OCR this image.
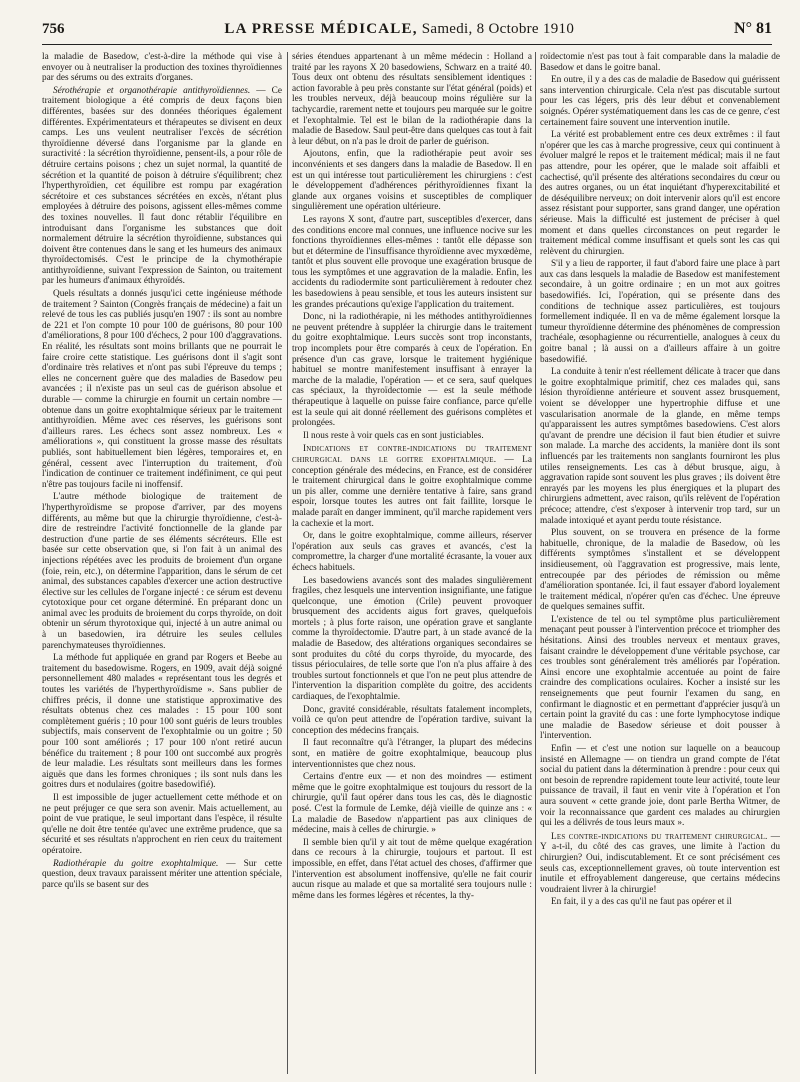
756	LA PRESSE MÉDICALE, Samedi, 8 Octobre 1910	N° 81

la maladie de Basedow, c'est-à-dire la méthode qui vise à envoyer ou à neutraliser la production des toxines thyroïdiennes par des sérums ou des extraits d'organes.

Sérothérapie et organothérapie antithyroïdiennes. — Ce traitement biologique a été compris de deux façons bien différentes, basées sur des données théoriques également différentes. Expérimentateurs et thérapeutes se divisent en deux camps. Les uns veulent neutraliser l'excès de sécrétion thyroïdienne déversé dans l'organisme par la glande en suractivité : la sécrétion thyroïdienne, pensent-ils, a pour rôle de détruire certains poisons ; chez un sujet normal, la quantité de sécrétion et la quantité de poison à détruire s'équilibrent; chez l'hyperthyroïdien, cet équilibre est rompu par exagération sécrétoire et ces substances sécrétées en excès, n'étant plus employées à détruire des poisons, agissent elles-mêmes comme des toxines nouvelles. Il faut donc rétablir l'équilibre en introduisant dans l'organisme les substances que doit normalement détruire la sécrétion thyroïdienne, substances qui doivent être contenues dans le sang et les humeurs des animaux thyroïdectomisés. C'est le principe de la chymothérapie antithyroïdienne, suivant l'expression de Sainton, ou traitement par les humeurs d'animaux éthyroïdés.

Quels résultats a donnés jusqu'ici cette ingénieuse méthode de traitement ? Sainton (Congrès français de médecine) a fait un relevé de tous les cas publiés jusqu'en 1907 : ils sont au nombre de 221 et l'on compte 10 pour 100 de guérisons, 80 pour 100 d'améliorations, 8 pour 100 d'échecs, 2 pour 100 d'aggravations. En réalité, les résultats sont moins brillants que ne pourrait le faire croire cette statistique. Les guérisons dont il s'agit sont d'ordinaire très relatives et n'ont pas subi l'épreuve du temps ; elles ne concernent guère que des maladies de Basedow peu avancées ; il n'existe pas un seul cas de guérison absolue et durable — comme la chirurgie en fournit un certain nombre — obtenue dans un goitre exophtalmique sérieux par le traitement antithyroïdien. Même avec ces réserves, les guérisons sont d'ailleurs rares. Les échecs sont assez nombreux. Les « améliorations », qui constituent la grosse masse des résultats publiés, sont habituellement bien légères, temporaires et, en général, cessent avec l'interruption du traitement, d'où l'indication de continuer ce traitement indéfiniment, ce qui peut n'être pas toujours facile ni inoffensif.

L'autre méthode biologique de traitement de l'hyperthyroïdisme se propose d'arriver, par des moyens différents, au même but que la chirurgie thyroïdienne, c'est-à-dire de restreindre l'activité fonctionnelle de la glande par destruction d'une partie de ses éléments sécréteurs. Elle est basée sur cette observation que, si l'on fait à un animal des injections répétées avec les produits de broiement d'un organe (foie, rein, etc.), on détermine l'apparition, dans le sérum de cet animal, des substances capables d'exercer une action destructive élective sur les cellules de l'organe injecté : ce sérum est devenu cytotoxique pour cet organe déterminé. En préparant donc un animal avec les produits de broiement du corps thyroïde, on doit obtenir un sérum thyrotoxique qui, injecté à un autre animal ou à un basedowien, ira détruire les seules cellules parenchymateuses thyroïdiennes.

La méthode fut appliquée en grand par Rogers et Beebe au traitement du basedowisme. Rogers, en 1909, avait déjà soigné personnellement 480 malades « représentant tous les degrés et toutes les variétés de l'hyperthyroïdisme ». Sans publier de chiffres précis, il donne une statistique approximative des résultats obtenus chez ces malades : 15 pour 100 sont complètement guéris ; 10 pour 100 sont guéris de leurs troubles subjectifs, mais conservent de l'exophtalmie ou un goitre ; 50 pour 100 sont améliorés ; 17 pour 100 n'ont retiré aucun bénéfice du traitement ; 8 pour 100 ont succombé aux progrès de leur maladie. Les résultats sont meilleurs dans les formes aiguës que dans les formes chroniques ; ils sont nuls dans les goitres durs et nodulaires (goitre basedowifié).

Il est impossible de juger actuellement cette méthode et on ne peut préjuger ce que sera son avenir. Mais actuellement, au point de vue pratique, le seul important dans l'espèce, il résulte qu'elle ne doit être tentée qu'avec une extrême prudence, que sa sécurité et ses résultats n'approchent en rien ceux du traitement opératoire.

Radiothérapie du goitre exophtalmique. — Sur cette question, deux travaux paraissent mériter une attention spéciale, parce qu'ils se basent sur des

séries étendues appartenant à un même médecin : Holland a traité par les rayons X 20 basedowiens, Schwarz en a traité 40. Tous deux ont obtenu des résultats sensiblement identiques : action favorable à peu près constante sur l'état général (poids) et les troubles nerveux, déjà beaucoup moins régulière sur la tachycardie, rarement nette et toujours peu marquée sur le goitre et l'exophtalmie. Tel est le bilan de la radiothérapie dans la maladie de Basedow. Saul peut-être dans quelques cas tout à fait à leur début, on n'a pas le droit de parler de guérison.

Ajoutons, enfin, que la radiothérapie peut avoir ses inconvénients et ses dangers dans la maladie de Basedow. Il en est un qui intéresse tout particulièrement les chirurgiens : c'est le développement d'adhérences périthyroïdiennes fixant la glande aux organes voisins et susceptibles de compliquer singulièrement une opération ultérieure.

Les rayons X sont, d'autre part, susceptibles d'exercer, dans des conditions encore mal connues, une influence nocive sur les fonctions thyroïdiennes elles-mêmes : tantôt elle dépasse son but et détermine de l'insuffisance thyroïdienne avec myxœdème, tantôt et plus souvent elle provoque une exagération brusque de tous les symptômes et une aggravation de la maladie. Enfin, les accidents du radiodermite sont particulièrement à redouter chez les basedowiens à peau sensible, et tous les auteurs insistent sur les grandes précautions qu'exige l'application du traitement.

Donc, ni la radiothérapie, ni les méthodes antithyroïdiennes ne peuvent prétendre à suppléer la chirurgie dans le traitement du goitre exophtalmique. Leurs succès sont trop inconstants, trop incomplets pour être comparés à ceux de l'opération. En présence d'un cas grave, lorsque le traitement hygiénique habituel se montre manifestement insuffisant à enrayer la marche de la maladie, l'opération — et ce sera, sauf quelques cas spéciaux, la thyroïdectomie — est la seule méthode thérapeutique à laquelle on puisse faire confiance, parce qu'elle est la seule qui ait donné réellement des guérisons complètes et prolongées.

Il nous reste à voir quels cas en sont justiciables.

Indications et contre-indications du traitement chirurgical dans le goitre exophtalmique. — La conception générale des médecins, en France, est de considérer le traitement chirurgical dans le goitre exophtalmique comme un pis aller, comme une dernière tentative à faire, sans grand espoir, lorsque toutes les autres ont fait faillite, lorsque le malade paraît en danger imminent, qu'il marche rapidement vers la cachexie et la mort.

Or, dans le goitre exophtalmique, comme ailleurs, réserver l'opération aux seuls cas graves et avancés, c'est la compromettre, la charger d'une mortalité écrasante, la vouer aux échecs habituels.

Les basedowiens avancés sont des malades singulièrement fragiles, chez lesquels une intervention insignifiante, une fatigue quelconque, une émotion (Crile) peuvent provoquer brusquement des accidents aigus fort graves, quelquefois mortels ; à plus forte raison, une opération grave et sanglante comme la thyroïdectomie. D'autre part, à un stade avancé de la maladie de Basedow, des altérations organiques secondaires se sont produites du côté du corps thyroïde, du myocarde, des tissus périoculaires, de telle sorte que l'on n'a plus affaire à des troubles surtout fonctionnels et que l'on ne peut plus attendre de l'intervention la disparition complète du goitre, des accidents cardiaques, de l'exophtalmie.

Donc, gravité considérable, résultats fatalement incomplets, voilà ce qu'on peut attendre de l'opération tardive, suivant la conception des médecins français.

Il faut reconnaître qu'à l'étranger, la plupart des médecins sont, en matière de goitre exophtalmique, beaucoup plus interventionnistes que chez nous.

Certains d'entre eux — et non des moindres — estiment même que le goitre exophtalmique est toujours du ressort de la chirurgie, qu'il faut opérer dans tous les cas, dès le diagnostic posé. C'est la formule de Lemke, déjà vieille de quinze ans : « La maladie de Basedow n'appartient pas aux cliniques de médecine, mais à celles de chirurgie. »

Il semble bien qu'il y ait tout de même quelque exagération dans ce recours à la chirurgie, toujours et partout. Il est impossible, en effet, dans l'état actuel des choses, d'affirmer que l'intervention est absolument inoffensive, qu'elle ne fait courir aucun risque au malade et que sa mortalité sera toujours nulle : même dans les formes légères et récentes, la thy-

roïdectomie n'est pas tout à fait comparable dans la maladie de Basedow et dans le goitre banal.

En outre, il y a des cas de maladie de Basedow qui guérissent sans intervention chirurgicale. Cela n'est pas discutable surtout pour les cas légers, pris dès leur début et convenablement soignés. Opérer systématiquement dans les cas de ce genre, c'est certainement faire souvent une intervention inutile.

La vérité est probablement entre ces deux extrêmes : il faut n'opérer que les cas à marche progressive, ceux qui continuent à évoluer malgré le repos et le traitement médical; mais il ne faut pas attendre, pour les opérer, que le malade soit affaibli et cachectisé, qu'il présente des altérations secondaires du cœur ou des autres organes, ou un état inquiétant d'hyperexcitabilité et de déséquilibre nerveux; on doit intervenir alors qu'il est encore assez résistant pour supporter, sans grand danger, une opération sérieuse. Mais la difficulté est justement de préciser à quel moment et dans quelles circonstances on peut regarder le traitement médical comme insuffisant et quels sont les cas qui relèvent du chirurgien.

S'il y a lieu de rapporter, il faut d'abord faire une place à part aux cas dans lesquels la maladie de Basedow est manifestement secondaire, à un goitre ordinaire ; en un mot aux goitres basedowifiés. Ici, l'opération, qui se présente dans des conditions de technique assez particulières, est toujours formellement indiquée. Il en va de même également lorsque la tumeur thyroïdienne détermine des phénomènes de compression trachéale, œsophagienne ou récurrentielle, analogues à ceux du goitre banal ; là aussi on a d'ailleurs affaire à un goitre basedowifié.

La conduite à tenir n'est réellement délicate à tracer que dans le goitre exophtalmique primitif, chez ces malades qui, sans lésion thyroïdienne antérieure et souvent assez brusquement, voient se développer une hypertrophie diffuse et une vascularisation anormale de la glande, en même temps qu'apparaissent les autres symptômes basedowiens. C'est alors qu'avant de prendre une décision il faut bien étudier et suivre son malade. La marche des accidents, la manière dont ils sont influencés par les traitements non sanglants fourniront les plus utiles renseignements. Les cas à début brusque, aigu, à aggravation rapide sont souvent les plus graves ; ils doivent être enrayés par les moyens les plus énergiques et la plupart des chirurgiens admettent, avec raison, qu'ils relèvent de l'opération précoce; attendre, c'est s'exposer à intervenir trop tard, sur un malade intoxiqué et ayant perdu toute résistance.

Plus souvent, on se trouvera en présence de la forme habituelle, chronique, de la maladie de Basedow, où les différents symptômes s'installent et se développent insidieusement, où l'aggravation est progressive, mais lente, entrecoupée par des périodes de rémission ou même d'amélioration spontanée. Ici, il faut essayer d'abord loyalement le traitement médical, n'opérer qu'en cas d'échec. Une épreuve de quelques semaines suffit.

L'existence de tel ou tel symptôme plus particulièrement menaçant peut pousser à l'intervention précoce et triompher des hésitations. Ainsi des troubles nerveux et mentaux graves, faisant craindre le développement d'une véritable psychose, car ces troubles sont généralement très améliorés par l'opération. Ainsi encore une exophtalmie accentuée au point de faire craindre des complications oculaires. Kocher a insisté sur les renseignements que peut fournir l'examen du sang, en confirmant le diagnostic et en permettant d'apprécier jusqu'à un certain point la gravité du cas : une forte lymphocytose indique une maladie de Basedow sérieuse et doit pousser à l'intervention.

Enfin — et c'est une notion sur laquelle on a beaucoup insisté en Allemagne — on tiendra un grand compte de l'état social du patient dans la détermination à prendre : pour ceux qui ont besoin de reprendre rapidement toute leur activité, toute leur puissance de travail, il faut en venir vite à l'opération et l'on aura souvent « cette grande joie, dont parle Bertha Witmer, de voir la reconnaissance que gardent ces malades au chirurgien qui les a délivrés de tous leurs maux ».

Les contre-indications du traitement chirurgical. — Y a-t-il, du côté des cas graves, une limite à l'action du chirurgien? Oui, indiscutablement. Et ce sont précisément ces seuls cas, exceptionnellement graves, où toute intervention est inutile et effroyablement dangereuse, que certains médecins voudraient livrer à la chirurgie!

En fait, il y a des cas qu'il ne faut pas opérer et il
